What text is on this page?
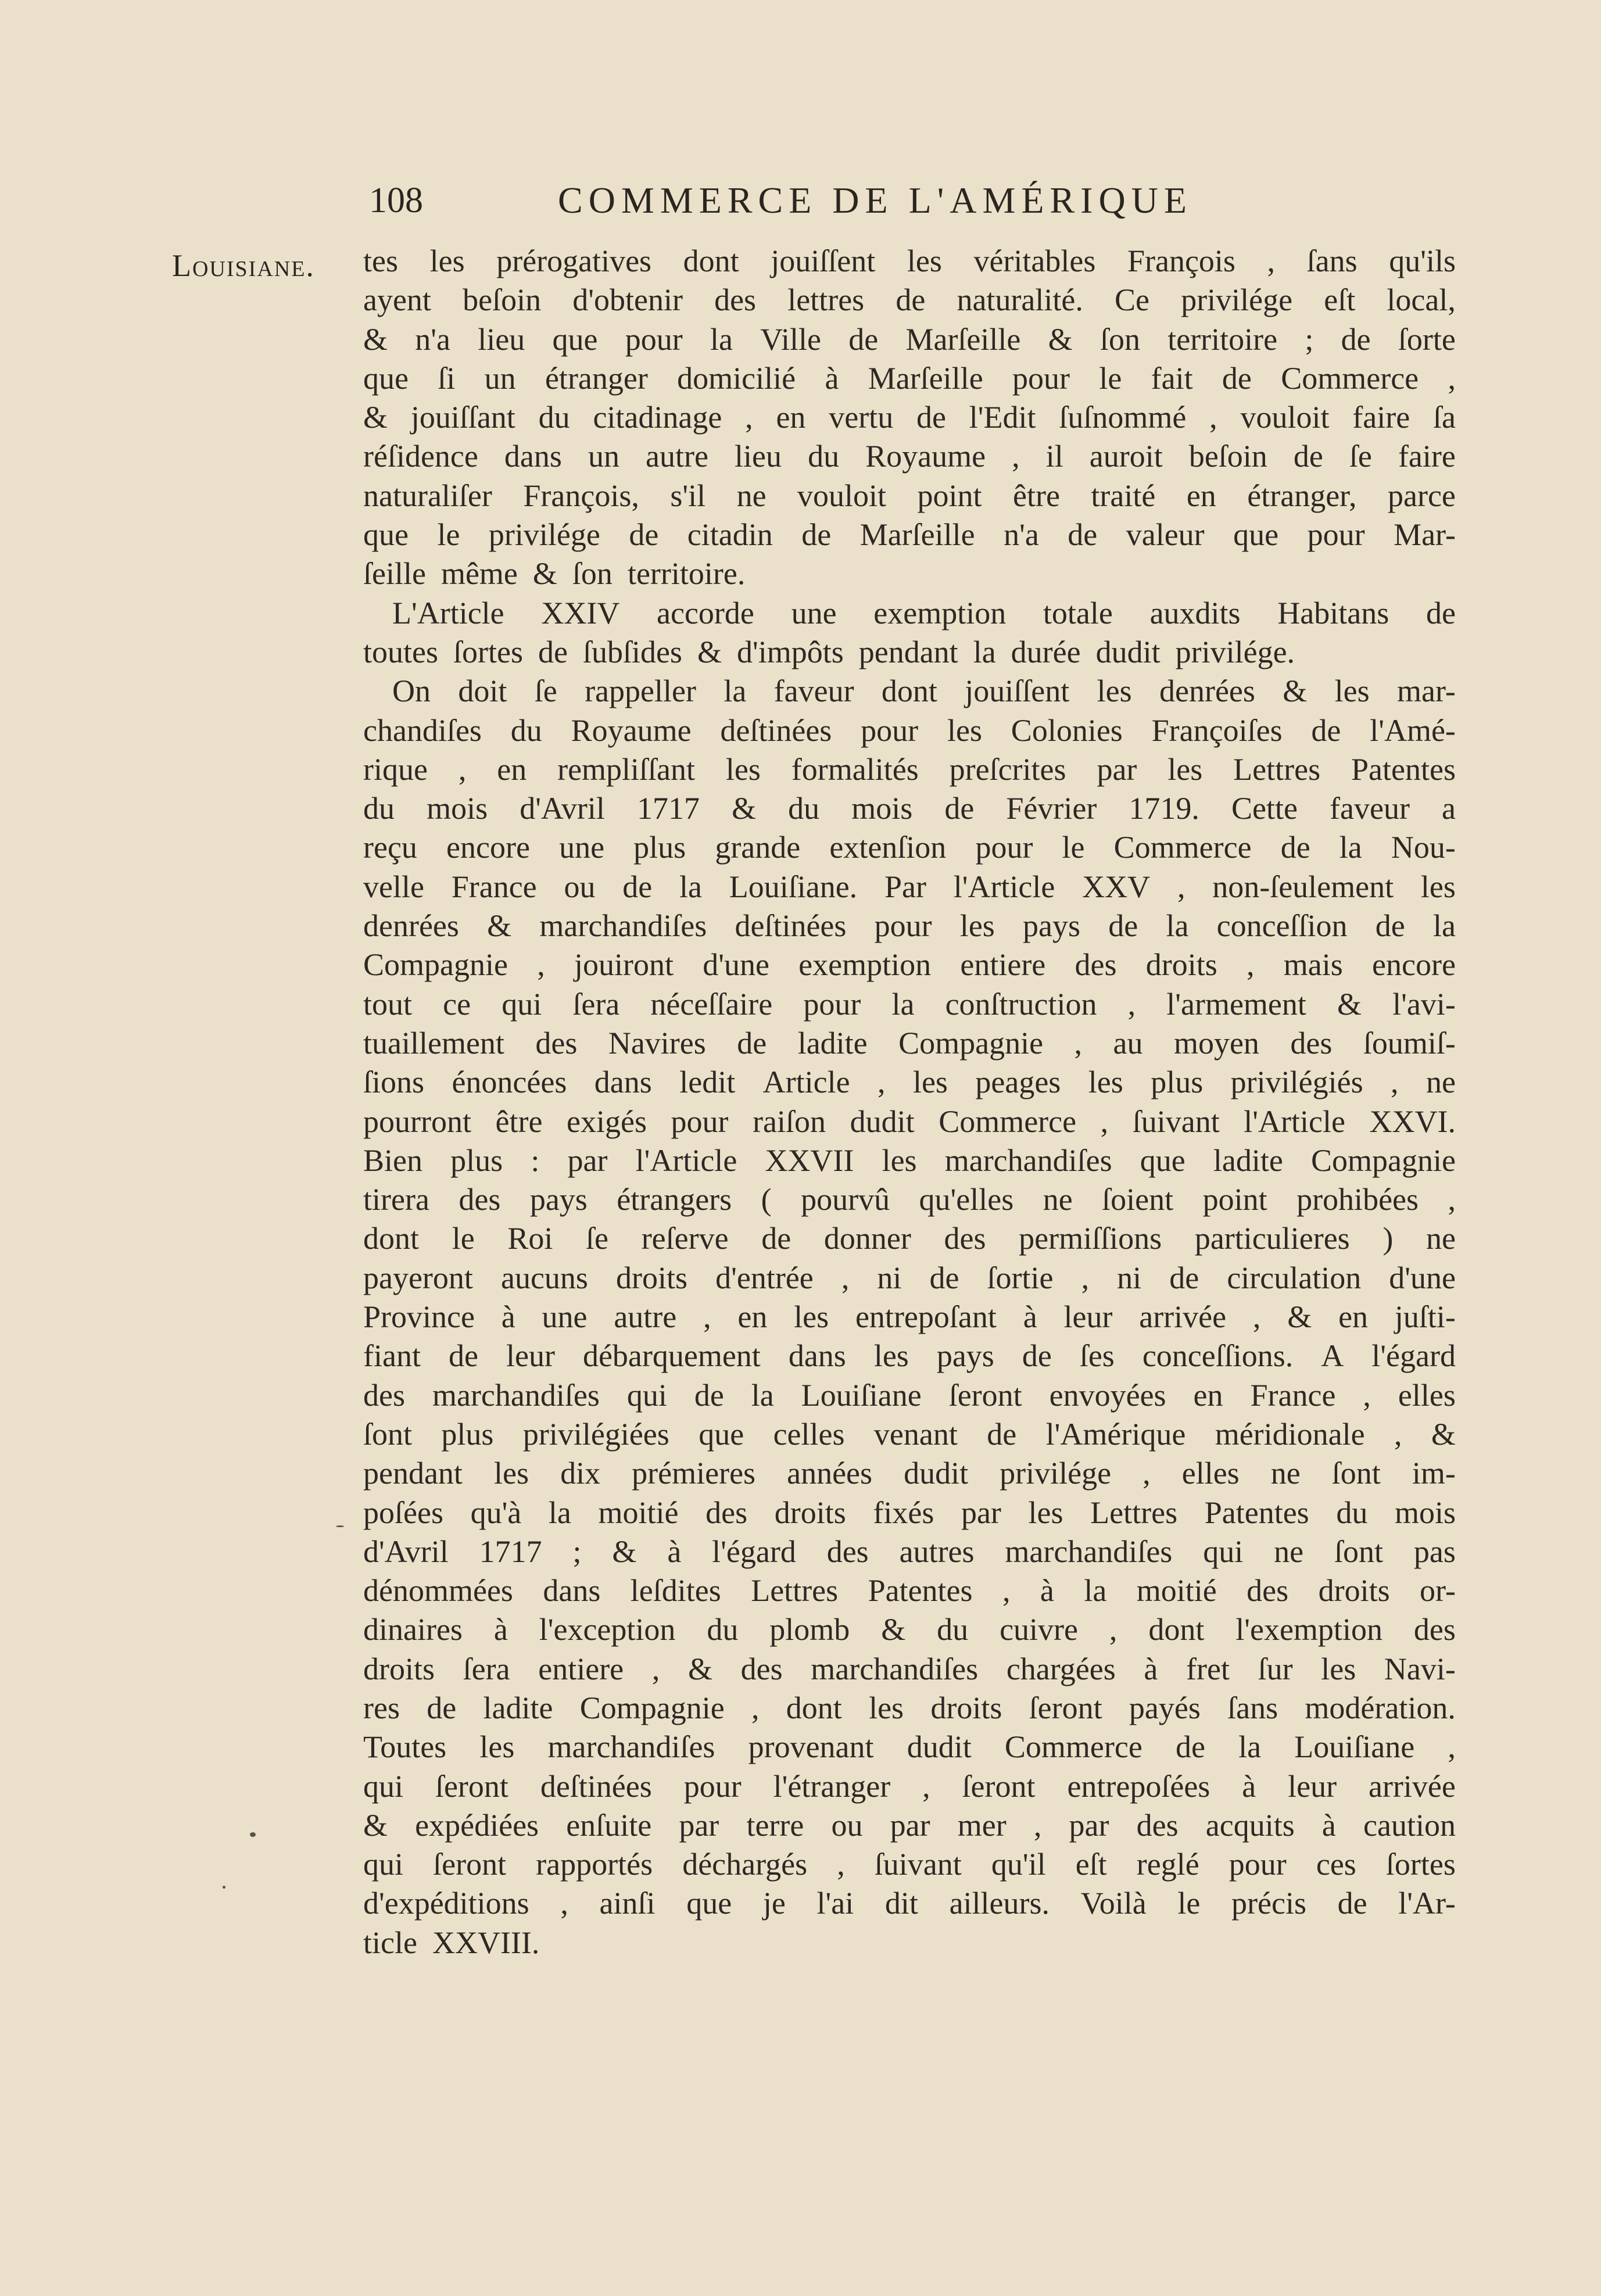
108	COMMERCE DE L'AMÉRIQUE
Louisiane. tes les prérogatives dont jouiſſent les véritables François , ſans qu'ils
ayent beſoin d'obtenir des lettres de naturalité. Ce privilége eſt local,
& n'a lieu que pour la Ville de Marſeille & ſon territoire ; de ſorte
que ſi un étranger domicilié à Marſeille pour le fait de Commerce ,
& jouiſſant du citadinage , en vertu de l'Edit ſuſnommé , vouloit faire ſa
réſidence dans un autre lieu du Royaume , il auroit beſoin de ſe faire
naturaliſer François, s'il ne vouloit point être traité en étranger, parce
que le privilége de citadin de Marſeille n'a de valeur que pour Mar-
ſeille même & ſon territoire.
L'Article XXIV accorde une exemption totale auxdits Habitans de
toutes ſortes de ſubſides & d'impôts pendant la durée dudit privilége.
On doit ſe rappeller la faveur dont jouiſſent les denrées & les mar-
chandiſes du Royaume deſtinées pour les Colonies Françoiſes de l'Amé-
rique , en rempliſſant les formalités preſcrites par les Lettres Patentes
du mois d'Avril 1717 & du mois de Février 1719. Cette faveur a
reçu encore une plus grande extenſion pour le Commerce de la Nou-
velle France ou de la Louiſiane. Par l'Article XXV , non-ſeulement les
denrées & marchandiſes deſtinées pour les pays de la conceſſion de la
Compagnie , jouiront d'une exemption entiere des droits , mais encore
tout ce qui ſera néceſſaire pour la conſtruction , l'armement & l'avi-
tuaillement des Navires de ladite Compagnie , au moyen des ſoumiſ-
ſions énoncées dans ledit Article , les peages les plus privilégiés , ne
pourront être exigés pour raiſon dudit Commerce , ſuivant l'Article XXVI.
Bien plus : par l'Article XXVII les marchandiſes que ladite Compagnie
tirera des pays étrangers ( pourvû qu'elles ne ſoient point prohibées ,
dont le Roi ſe reſerve de donner des permiſſions particulieres ) ne
payeront aucuns droits d'entrée , ni de ſortie , ni de circulation d'une
Province à une autre , en les entrepoſant à leur arrivée , & en juſti-
fiant de leur débarquement dans les pays de ſes conceſſions. A l'égard
des marchandiſes qui de la Louiſiane ſeront envoyées en France , elles
ſont plus privilégiées que celles venant de l'Amérique méridionale , &
pendant les dix prémieres années dudit privilége , elles ne ſont im-
poſées qu'à la moitié des droits fixés par les Lettres Patentes du mois
d'Avril 1717 ; & à l'égard des autres marchandiſes qui ne ſont pas
dénommées dans leſdites Lettres Patentes , à la moitié des droits or-
dinaires à l'exception du plomb & du cuivre , dont l'exemption des
droits ſera entiere , & des marchandiſes chargées à fret ſur les Navi-
res de ladite Compagnie , dont les droits ſeront payés ſans modération.
Toutes les marchandiſes provenant dudit Commerce de la Louiſiane ,
qui ſeront deſtinées pour l'étranger , ſeront entrepoſées à leur arrivée
& expédiées enſuite par terre ou par mer , par des acquits à caution
qui ſeront rapportés déchargés , ſuivant qu'il eſt reglé pour ces ſortes
d'expéditions , ainſi que je l'ai dit ailleurs. Voilà le précis de l'Ar-
ticle XXVIII.
